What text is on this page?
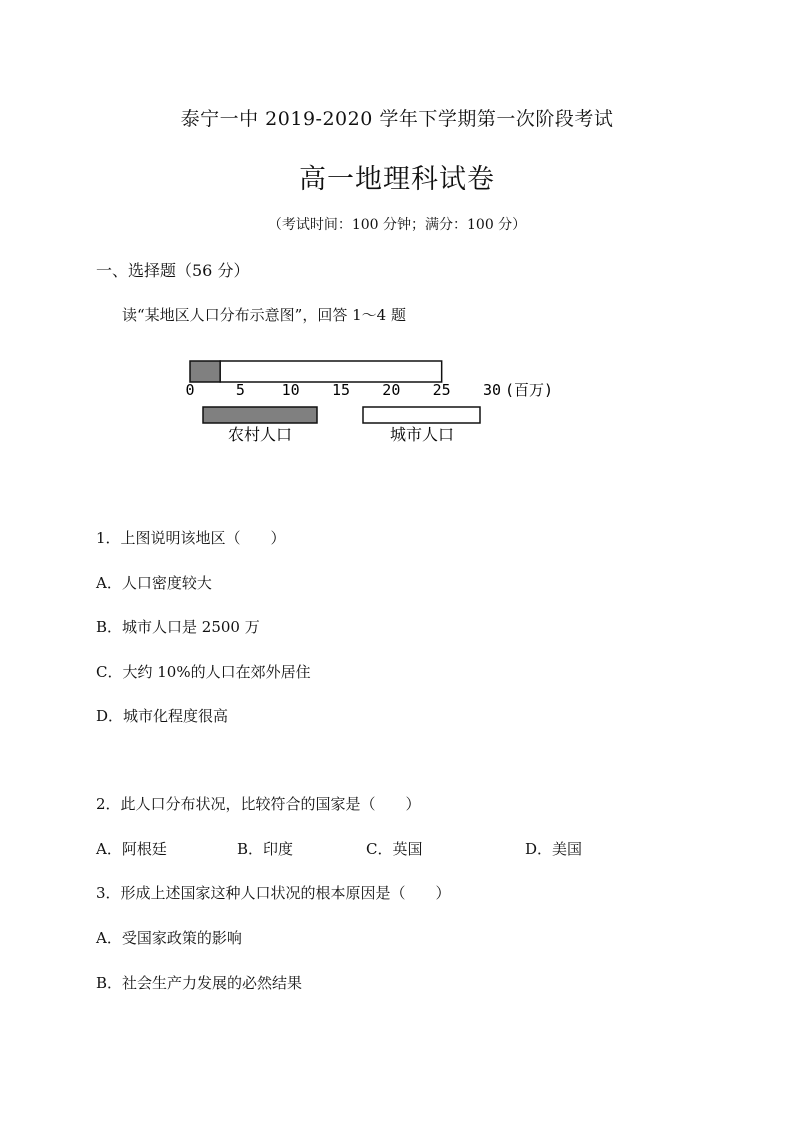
泰宁一中 2019-2020 学年下学期第一次阶段考试
高一地理科试卷
（考试时间：100 分钟；满分：100 分）
一、选择题（56 分）
读“某地区人口分布示意图”，回答 1～4 题
0	5 10 15 20 25 30 (百万)
农村人口	城市人口
1．上图说明该地区（　　）
A．人口密度较大
B．城市人口是 2500 万
C．大约 10%的人口在郊外居住
D．城市化程度很高
2．此人口分布状况，比较符合的国家是（　　）
A．阿根廷	B．印度	C．英国	D．美国
3．形成上述国家这种人口状况的根本原因是（　　）
A．受国家政策的影响
B．社会生产力发展的必然结果
